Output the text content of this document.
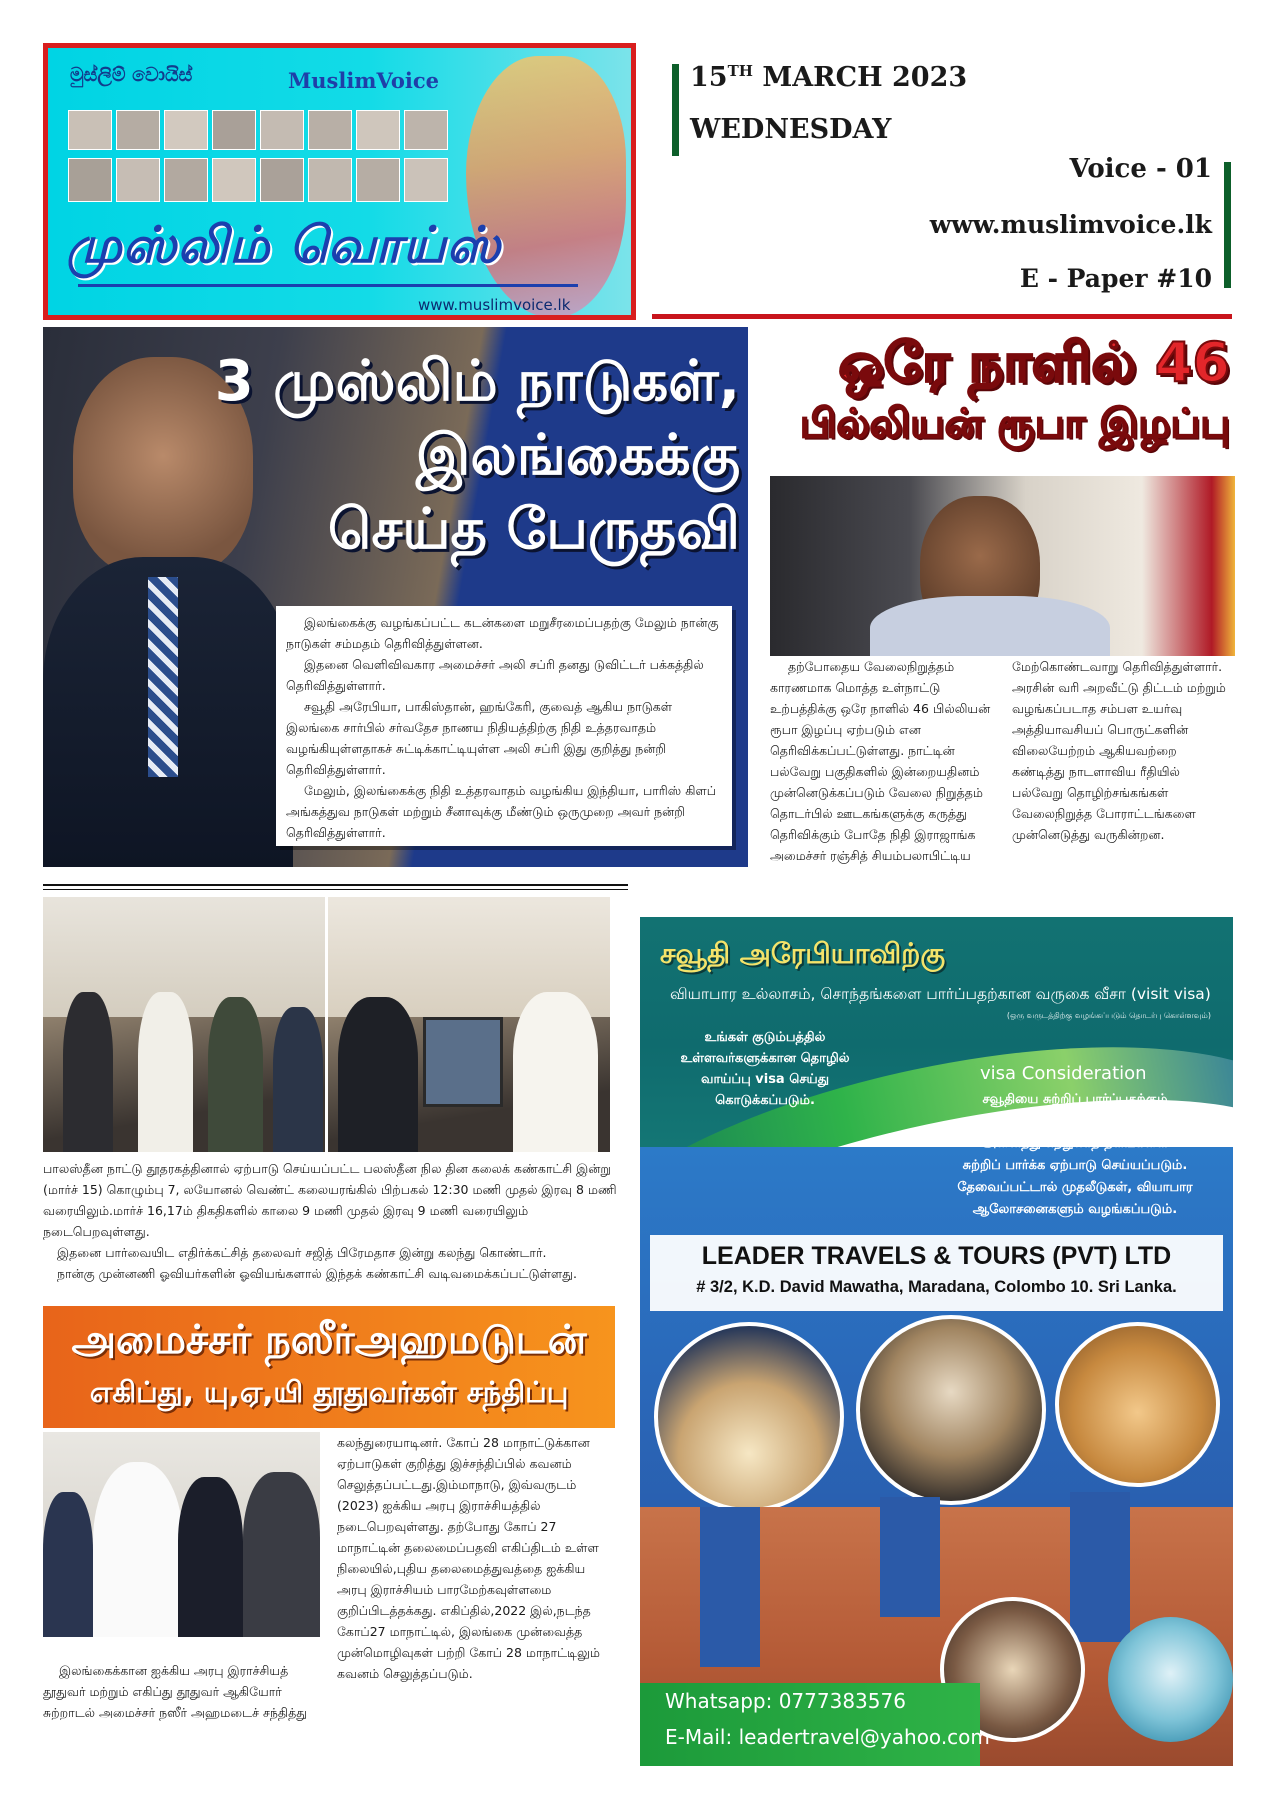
මුස්ලිම් වොයිස්	MuslimVoice
முஸ்லிம் வொய்ஸ்
www.muslimvoice.lk
15TH MARCH 2023
WEDNESDAY
Voice - 01
www.muslimvoice.lk
E - Paper #10
3 முஸ்லிம் நாடுகள்,
இலங்கைக்கு
செய்த பேருதவி

இலங்கைக்கு வழங்கப்பட்ட கடன்களை மறுசீரமைப்பதற்கு மேலும் நான்கு நாடுகள் சம்மதம் தெரிவித்துள்ளன.

இதனை வெளிவிவகார அமைச்சர் அலி சப்ரி தனது டுவிட்டர் பக்கத்தில் தெரிவித்துள்ளார்.

சவூதி அரேபியா, பாகிஸ்தான், ஹங்கேரி, குவைத் ஆகிய நாடுகள் இலங்கை சார்பில் சர்வதேச நாணய நிதியத்திற்கு நிதி உத்தரவாதம் வழங்கியுள்ளதாகச் சுட்டிக்காட்டியுள்ள அலி சப்ரி இது குறித்து நன்றி தெரிவித்துள்ளார்.

மேலும், இலங்கைக்கு நிதி உத்தரவாதம் வழங்கிய இந்தியா, பாரிஸ் கிளப் அங்கத்துவ நாடுகள் மற்றும் சீனாவுக்கு மீண்டும் ஒருமுறை அவர் நன்றி தெரிவித்துள்ளார்.

ஒரே நாளில் 46
பில்லியன் ரூபா இழப்பு

தற்போதைய வேலைநிறுத்தம் காரணமாக மொத்த உள்நாட்டு உற்பத்திக்கு ஒரே நாளில் 46 பில்லியன் ரூபா இழப்பு ஏற்படும் என தெரிவிக்கப்பட்டுள்ளது. நாட்டின் பல்வேறு பகுதிகளில் இன்றையதினம் முன்னெடுக்கப்படும் வேலை நிறுத்தம் தொடர்பில் ஊடகங்களுக்கு கருத்து தெரிவிக்கும் போதே நிதி இராஜாங்க அமைச்சர் ரஞ்சித் சியம்பலாபிட்டிய

மேற்கொண்டவாறு தெரிவித்துள்ளார். அரசின் வரி அறவீட்டு திட்டம் மற்றும் வழங்கப்படாத சம்பள உயர்வு அத்தியாவசியப் பொருட்களின் விலையேற்றம் ஆகியவற்றை கண்டித்து நாடளாவிய ரீதியில் பல்வேறு தொழிற்சங்கங்கள் வேலைநிறுத்த போராட்டங்களை முன்னெடுத்து வருகின்றன.

பாலஸ்தீன நாட்டு தூதரகத்தினால் ஏற்பாடு செய்யப்பட்ட பலஸ்தீன நில தின கலைக் கண்காட்சி இன்று (மார்ச் 15) கொழும்பு 7, லயோனல் வெண்ட் கலையரங்கில் பிற்பகல் 12:30 மணி முதல் இரவு 8 மணி வரையிலும்.மார்ச் 16,17ம் திகதிகளில் காலை 9 மணி முதல் இரவு 9 மணி வரையிலும் நடைபெறவுள்ளது.
இதனை பார்வையிட எதிர்க்கட்சித் தலைவர் சஜித் பிரேமதாச இன்று கலந்து கொண்டார்.
நான்கு முன்னணி ஓவியர்களின் ஓவியங்களால் இந்தக் கண்காட்சி வடிவமைக்கப்பட்டுள்ளது.
அமைச்சர் நஸீர்அஹமடுடன்
எகிப்து, யு,ஏ,யி தூதுவர்கள் சந்திப்பு
இலங்கைக்கான ஐக்கிய அரபு இராச்சியத் தூதுவர் மற்றும் எகிப்து தூதுவர் ஆகியோர் சுற்றாடல் அமைச்சர் நஸீர் அஹமடைச் சந்தித்து
கலந்துரையாடினர். கோப் 28 மாநாட்டுக்கான ஏற்பாடுகள் குறித்து இச்சந்திப்பில் கவனம் செலுத்தப்பட்டது.இம்மாநாடு, இவ்வருடம் (2023) ஐக்கிய அரபு இராச்சியத்தில் நடைபெறவுள்ளது. தற்போது கோப் 27 மாநாட்டின் தலைமைப்பதவி எகிப்திடம் உள்ள நிலையில்,புதிய தலைமைத்துவத்தை ஐக்கிய அரபு இராச்சியம் பாரமேற்கவுள்ளமை குறிப்பிடத்தக்கது. எகிப்தில்,2022 இல்,நடந்த கோப்27 மாநாட்டில், இலங்கை முன்வைத்த முன்மொழிவுகள் பற்றி கோப் 28 மாநாட்டிலும் கவனம் செலுத்தப்படும்.
சவூதி அரேபியாவிற்கு
வியாபார உல்லாசம், சொந்தங்களை பார்ப்பதற்கான வருகை வீசா (visit visa)
(ஒரு வருடத்திற்கு வழங்கப்படும் தொடர்பு கொள்ளவும்)
உங்கள் குடும்பத்தில் உள்ளவர்களுக்கான தொழில் வாய்ப்பு visa செய்து கொடுக்கப்படும்.
visa Consideration
சவூதியை சுற்றிப் பார்ப்பதற்கும்
மக்கா, மதீனா, தமாம் போன்ற
அனைத்து சுற்றுலாத் தளங்களை
சுற்றிப் பார்க்க ஏற்பாடு செய்யப்படும்.
தேவைப்பட்டால் முதலீடுகள், வியாபார
ஆலோசனைகளும் வழங்கப்படும்.
LEADER TRAVELS & TOURS (PVT) LTD
# 3/2, K.D. David Mawatha, Maradana, Colombo 10. Sri Lanka.
Whatsapp: 0777383576
E-Mail: leadertravel@yahoo.com
